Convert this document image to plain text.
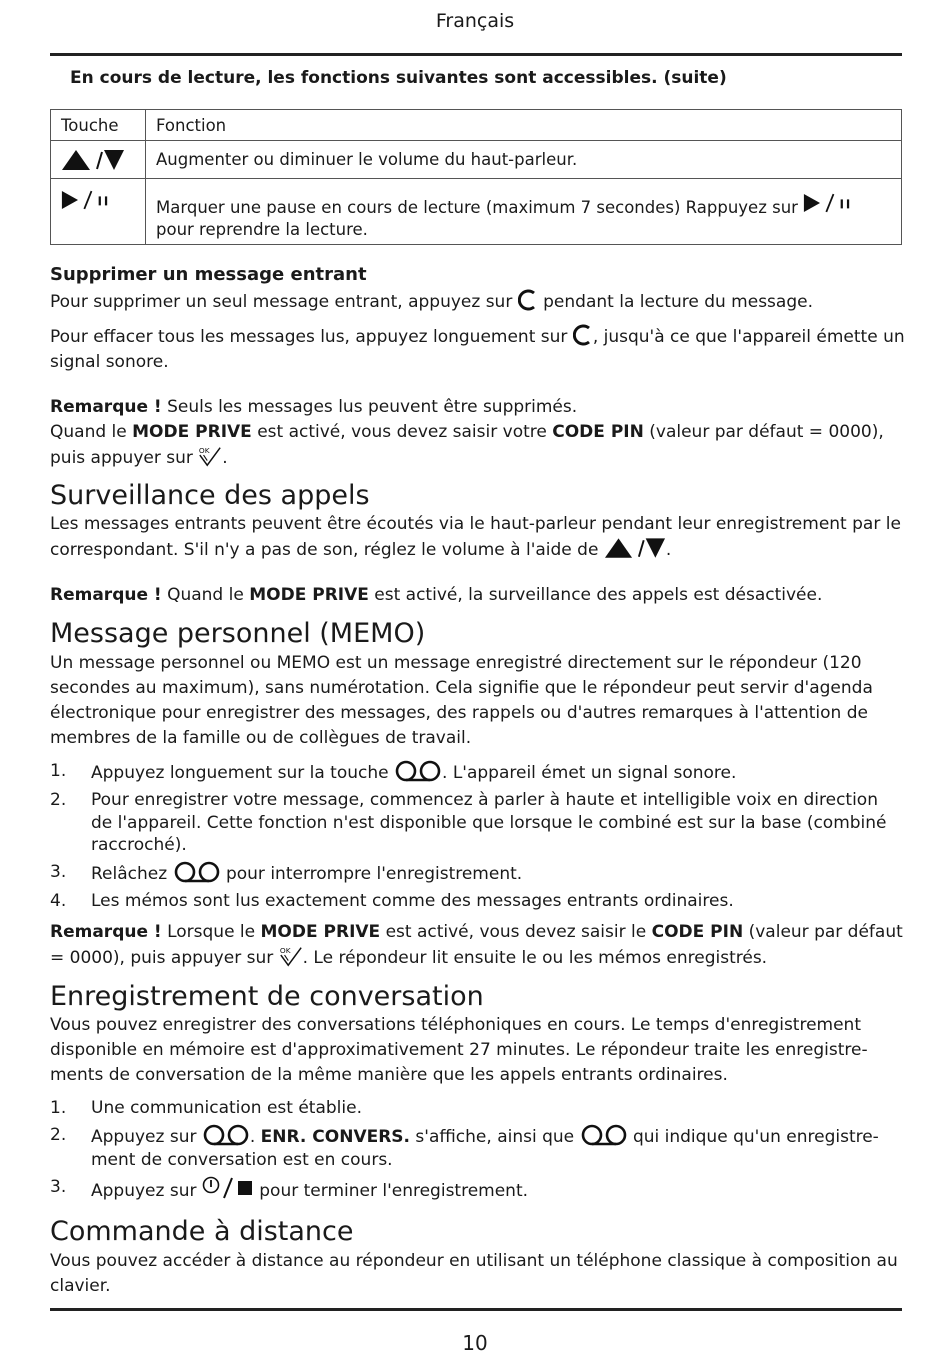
Français
En cours de lecture, les fonctions suivantes sont accessibles. (suite)
Touche	Fonction
	Augmenter ou diminuer le volume du haut-parleur.
	Marquer une pause en cours de lecture (maximum 7 secondes) Rappuyez sur
pour reprendre la lecture.
Supprimer un message entrant
Pour supprimer un seul message entrant, appuyez sur pendant la lecture du message.
Pour effacer tous les messages lus, appuyez longuement sur , jusqu'à ce que l'appareil émette un signal sonore.
Remarque ! Seuls les messages lus peuvent être supprimés.
Quand le MODE PRIVE est activé, vous devez saisir votre CODE PIN (valeur par défaut = 0000), puis appuyer sur .
Surveillance des appels
Les messages entrants peuvent être écoutés via le haut-parleur pendant leur enregistrement par le correspondant. S'il n'y a pas de son, réglez le volume à l'aide de	.
Remarque ! Quand le MODE PRIVE est activé, la surveillance des appels est désactivée.
Message personnel (MEMO)
Un message personnel ou MEMO est un message enregistré directement sur le répondeur (120 secondes au maximum), sans numérotation. Cela signifie que le répondeur peut servir d'agenda électronique pour enregistrer des messages, des rappels ou d'autres remarques à l'attention de membres de la famille ou de collègues de travail.
1. Appuyez longuement sur la touche	. L'appareil émet un signal sonore.
2. Pour enregistrer votre message, commencez à parler à haute et intelligible voix en direction de l'appareil. Cette fonction n'est disponible que lorsque le combiné est sur la base (combiné raccroché).
3. Relâchez	pour interrompre l'enregistrement.
4. Les mémos sont lus exactement comme des messages entrants ordinaires.
Remarque ! Lorsque le MODE PRIVE est activé, vous devez saisir le CODE PIN (valeur par défaut = 0000), puis appuyer sur . Le répondeur lit ensuite le ou les mémos enregistrés.
Enregistrement de conversation
Vous pouvez enregistrer des conversations téléphoniques en cours. Le temps d'enregistrement disponible en mémoire est d'approximativement 27 minutes. Le répondeur traite les enregistre-ments de conversation de la même manière que les appels entrants ordinaires.
1. Une communication est établie.
2. Appuyez sur	. ENR. CONVERS. s'affiche, ainsi que	qui indique qu'un enregistre-ment de conversation est en cours.
3. Appuyez sur	pour terminer l'enregistrement.
Commande à distance
Vous pouvez accéder à distance au répondeur en utilisant un téléphone classique à composition au clavier.
10
